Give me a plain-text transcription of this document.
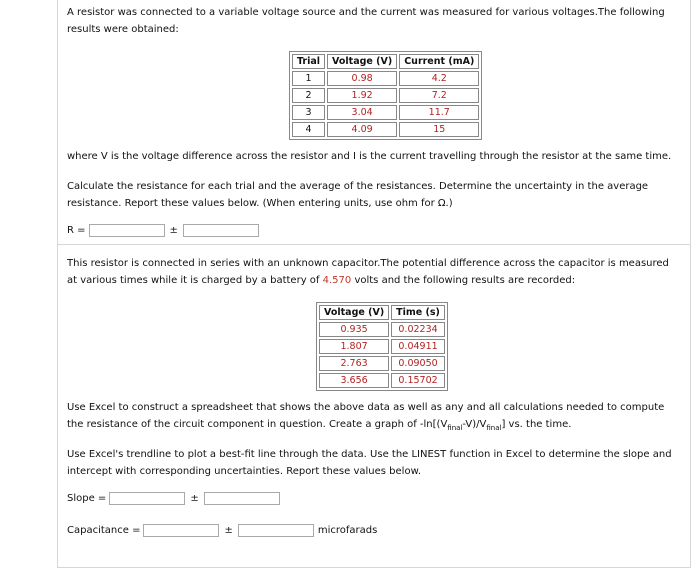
A resistor was connected to a variable voltage source and the current was measured for various voltages.The following
results were obtained:

Trial	Voltage (V)	Current (mA)
1	0.98	4.2
2	1.92	7.2
3	3.04	11.7
4	4.09	15

where V is the voltage difference across the resistor and I is the current travelling through the resistor at the same time.

Calculate the resistance for each trial and the average of the resistances. Determine the uncertainty in the average
resistance. Report these values below. (When entering units, use ohm for Ω.)

R =	±

This resistor is connected in series with an unknown capacitor.The potential difference across the capacitor is measured
at various times while it is charged by a battery of 4.570 volts and the following results are recorded:

Voltage (V)	Time (s)
0.935	0.02234
1.807	0.04911
2.763	0.09050
3.656	0.15702

Use Excel to construct a spreadsheet that shows the above data as well as any and all calculations needed to compute
the resistance of the circuit component in question. Create a graph of $-\ln[(V_{final}-V)/V_{final}]$ vs. the time.

Use Excel's trendline to plot a best-fit line through the data. Use the LINEST function in Excel to determine the slope and
intercept with corresponding uncertainties. Report these values below.

Slope =	±
Capacitance =	±	microfarads
